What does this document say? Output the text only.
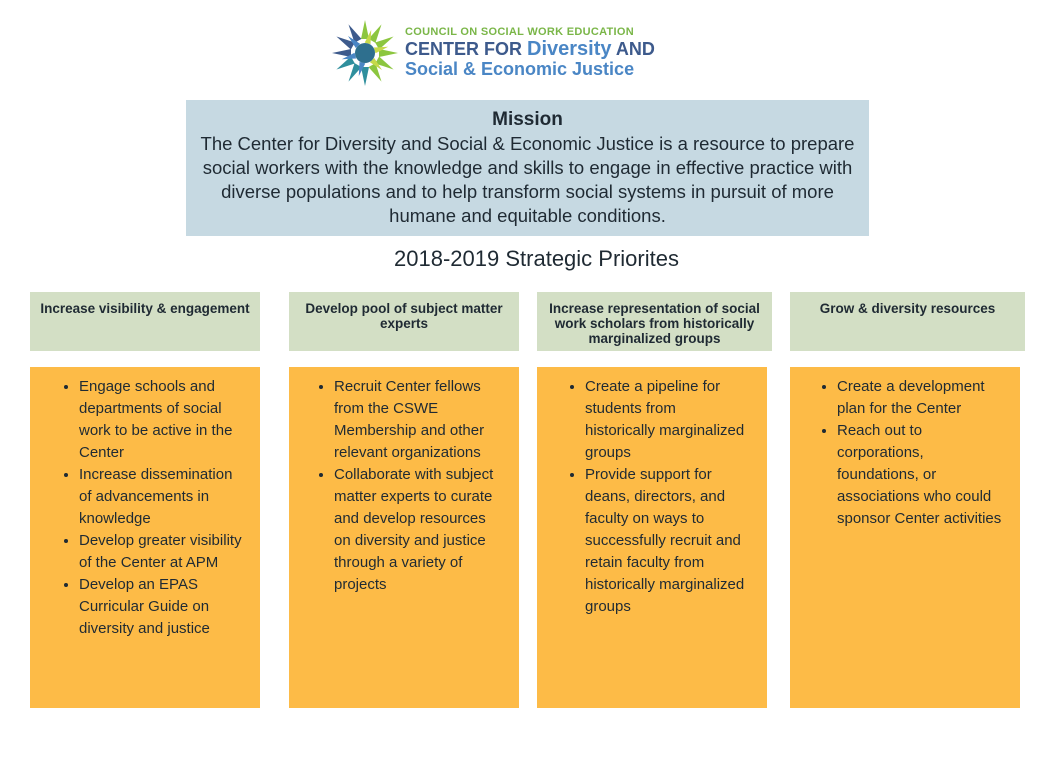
COUNCIL ON SOCIAL WORK EDUCATION
CENTER FOR Diversity AND
Social & Economic Justice
Mission
The Center for Diversity and Social & Economic Justice is a resource to prepare social workers with the knowledge and skills to engage in effective practice with diverse populations and to help transform social systems in pursuit of more humane and equitable conditions.
2018-2019 Strategic Priorites
Increase visibility & engagement
• Engage schools and departments of social work to be active in the Center
• Increase dissemination of advancements in knowledge
• Develop greater visibility of the Center at APM
• Develop an EPAS Curricular Guide on diversity and justice
Develop pool of subject matter experts
• Recruit Center fellows from the CSWE Membership and other relevant organizations
• Collaborate with subject matter experts to curate and develop resources on diversity and justice through a variety of projects
Increase representation of social work scholars from historically marginalized groups
• Create a pipeline for students from historically marginalized groups
• Provide support for deans, directors, and faculty on ways to successfully recruit and retain faculty from historically marginalized groups
Grow & diversity resources
• Create a development plan for the Center
• Reach out to corporations, foundations, or associations who could sponsor Center activities
